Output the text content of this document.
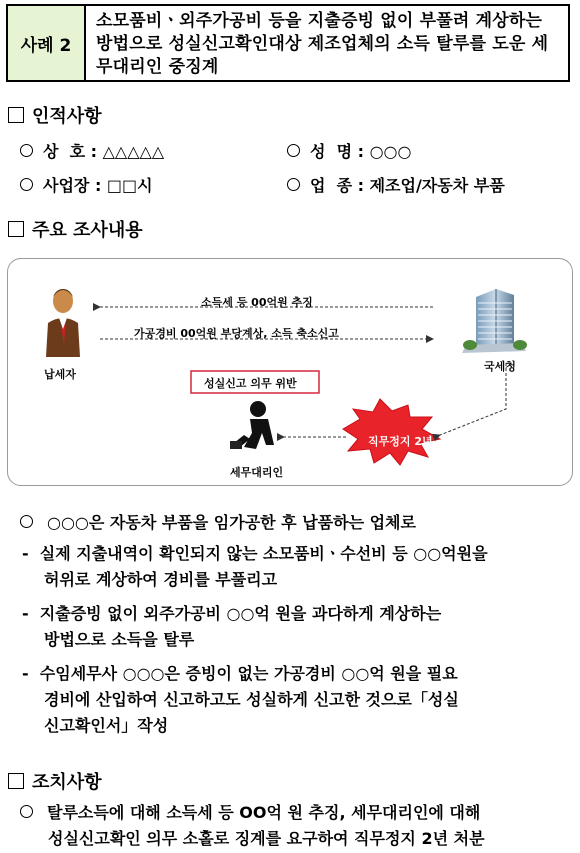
사례 2
소모품비ㆍ외주가공비 등을 지출증빙 없이 부풀려 계상하는 방법으로 성실신고확인대상 제조업체의 소득 탈루를 도운 세무대리인 중징계
인적사항
상  호 : △△△△△	성  명 : ○○○
사업장 : □□시	업  종 : 제조업/자동차 부품
주요 조사내용
소득세 등 00억원 추징
가공경비 00억원 부당계상, 소득 축소신고
납세자
국세청
성실신고 의무 위반
세무대리인
직무정지 2년
○○○은 자동차 부품을 임가공한 후 납품하는 업체로
-  실제 지출내역이 확인되지 않는 소모품비ㆍ수선비 등 ○○억원을
허위로 계상하여 경비를 부풀리고
-  지출증빙 없이 외주가공비 ○○억 원을 과다하게 계상하는
방법으로 소득을 탈루
-  수임세무사 ○○○은 증빙이 없는 가공경비 ○○억 원을 필요
경비에 산입하여 신고하고도 성실하게 신고한 것으로「성실
신고확인서」작성
조치사항
탈루소득에 대해 소득세 등 OO억 원 추징, 세무대리인에 대해
성실신고확인 의무 소홀로 징계를 요구하여 직무정지 2년 처분
